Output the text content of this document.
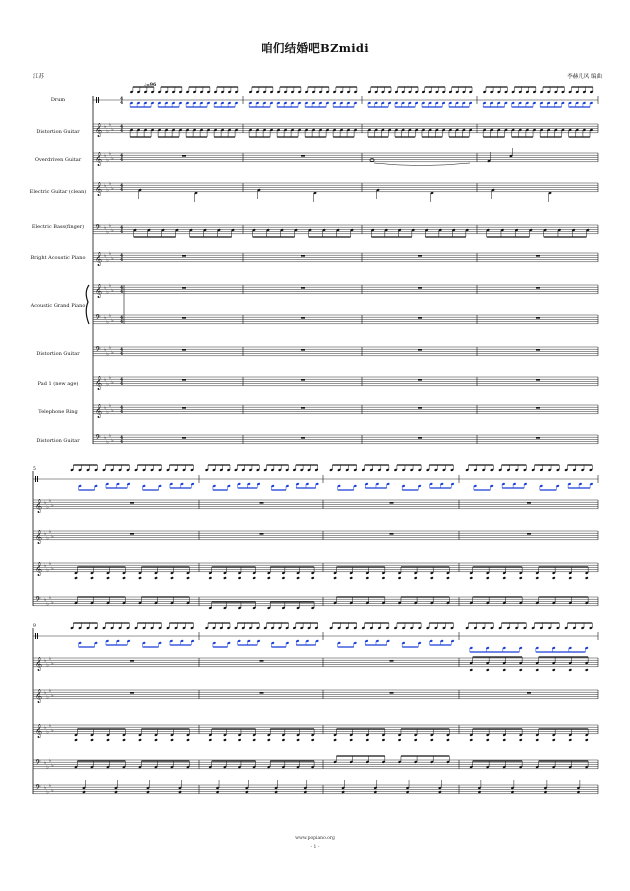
咱们结婚吧BZmidi
江苏	李赫儿风 编曲
♩=96
Drum
Distortion Guitar
Overdriven Guitar
Electric Guitar (clean)
Electric Bass(finger)
Bright Acoustic Piano
Acoustic Grand Piano
Distortion Guitar
Pad 1 (new age)
Telephone Ring
Distortion Guitar
5
9
4
4
𝄞 ♭
♭
♭
♭ 4
4
𝄞 ♭
♭
♭
♭ 4
4
𝄞 ♭
♭
♭
♭ 4
4
𝄢 ♭
♭
♭
♭ 4
4
𝄞 ♭
♭
♭
♭ 4
4
𝄞 ♭
♭
♭
♭ 4
4
𝄢 ♭
♭
♭
♭ 4
4
𝄢 ♭
♭
♭
♭ 4
4
𝄞 ♭
♭
♭
♭ 4
4
𝄞 ♭
♭
♭
♭ 4
4
𝄢 ♭
♭
♭
♭ 4
4
𝄞 ♭
♭
♭
♭
𝄞 ♭
♭
♭
♭
𝄞 ♭
♭
♭
♭
𝄢 ♭
♭
♭
♭
𝄞 ♭
♭
♭
♭
𝄞 ♭
♭
♭
♭
𝄞 ♭
♭
♭
♭
𝄢 ♭
♭
♭
♭
𝄢 ♭
♭
♭
♭
www.popiano.org
- 1 -
